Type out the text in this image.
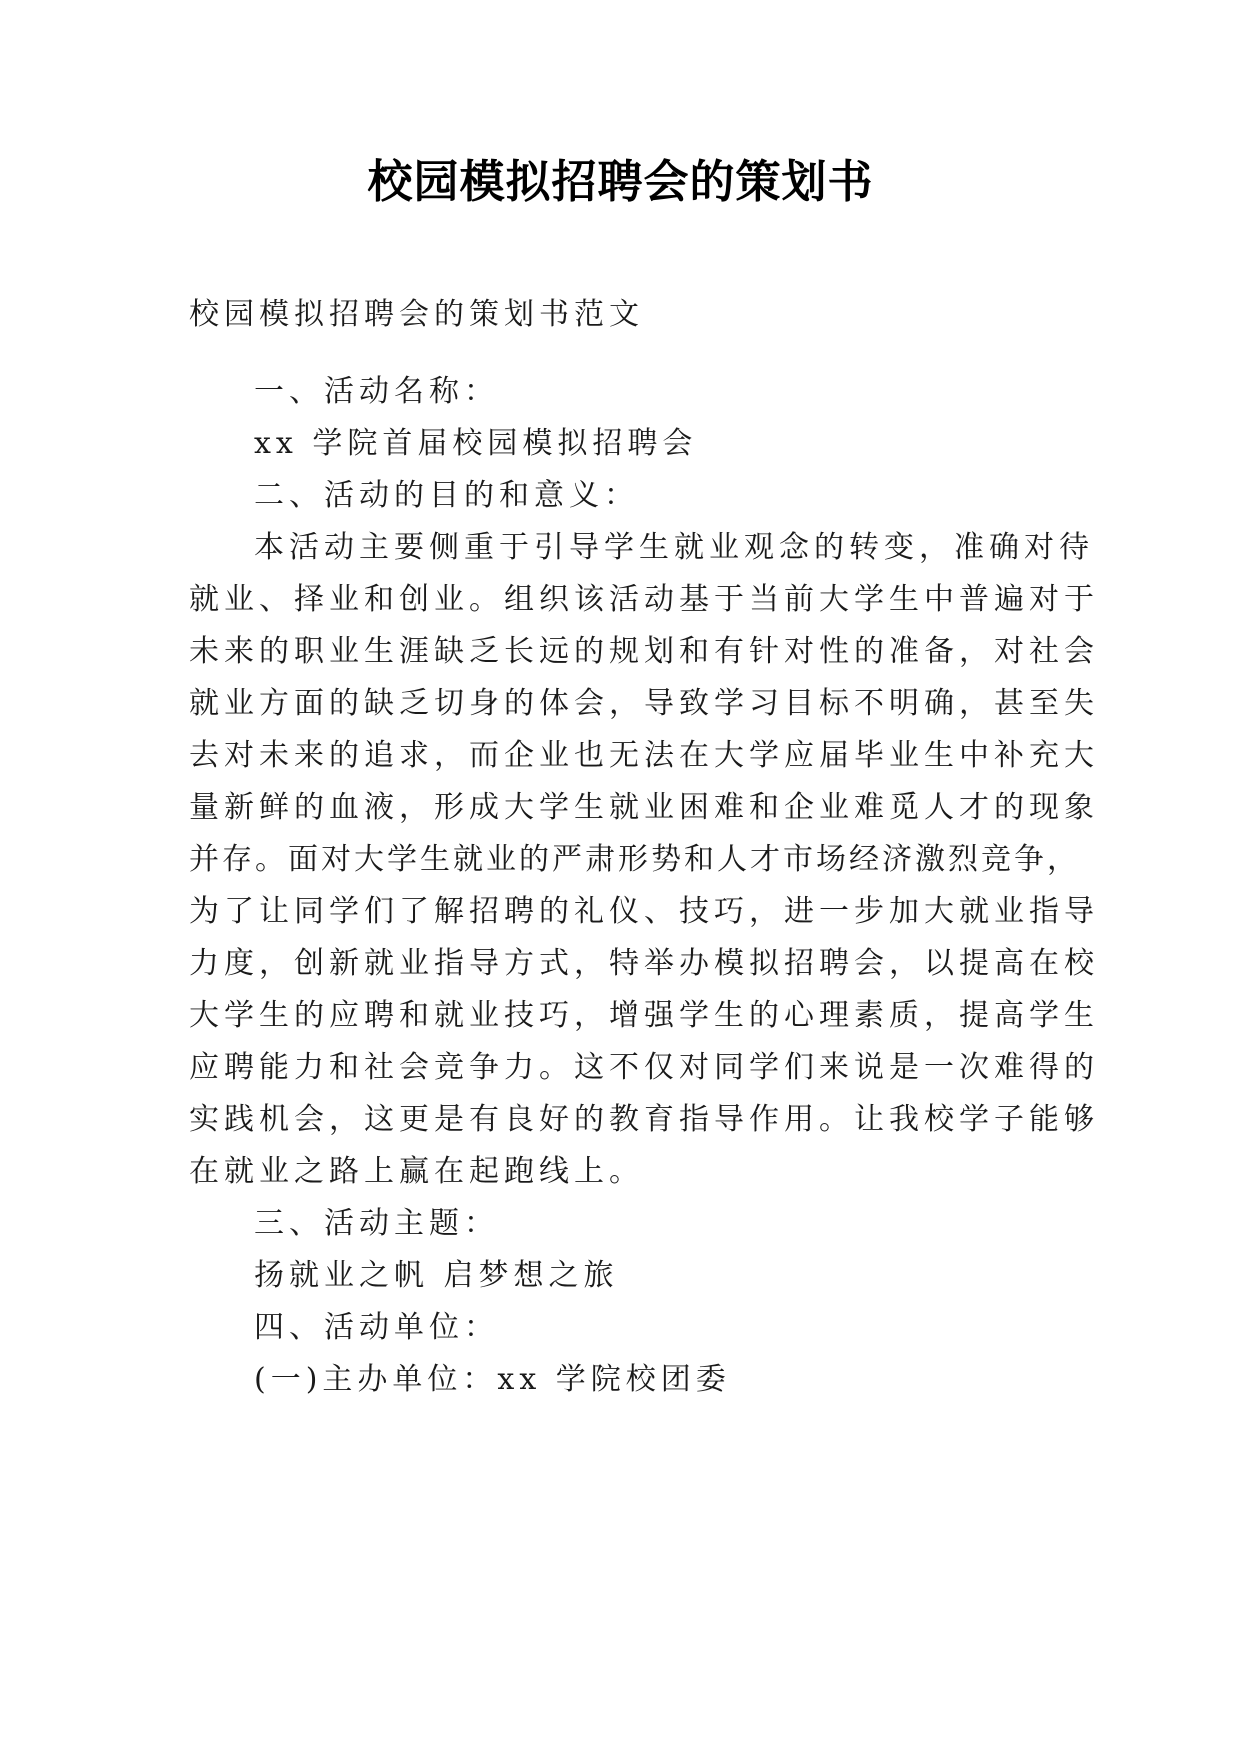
校园模拟招聘会的策划书
校园模拟招聘会的策划书范文
一、活动名称：
xx 学院首届校园模拟招聘会
二、活动的目的和意义：
本活动主要侧重于引导学生就业观念的转变，准确对待
就业、择业和创业。组织该活动基于当前大学生中普遍对于
未来的职业生涯缺乏长远的规划和有针对性的准备，对社会
就业方面的缺乏切身的体会，导致学习目标不明确，甚至失
去对未来的追求，而企业也无法在大学应届毕业生中补充大
量新鲜的血液，形成大学生就业困难和企业难觅人才的现象
并存。面对大学生就业的严肃形势和人才市场经济激烈竞争，
为了让同学们了解招聘的礼仪、技巧，进一步加大就业指导
力度，创新就业指导方式，特举办模拟招聘会，以提高在校
大学生的应聘和就业技巧，增强学生的心理素质，提高学生
应聘能力和社会竞争力。这不仅对同学们来说是一次难得的
实践机会，这更是有良好的教育指导作用。让我校学子能够
在就业之路上赢在起跑线上。
三、活动主题：
扬就业之帆 启梦想之旅
四、活动单位：
(一)主办单位：xx 学院校团委
